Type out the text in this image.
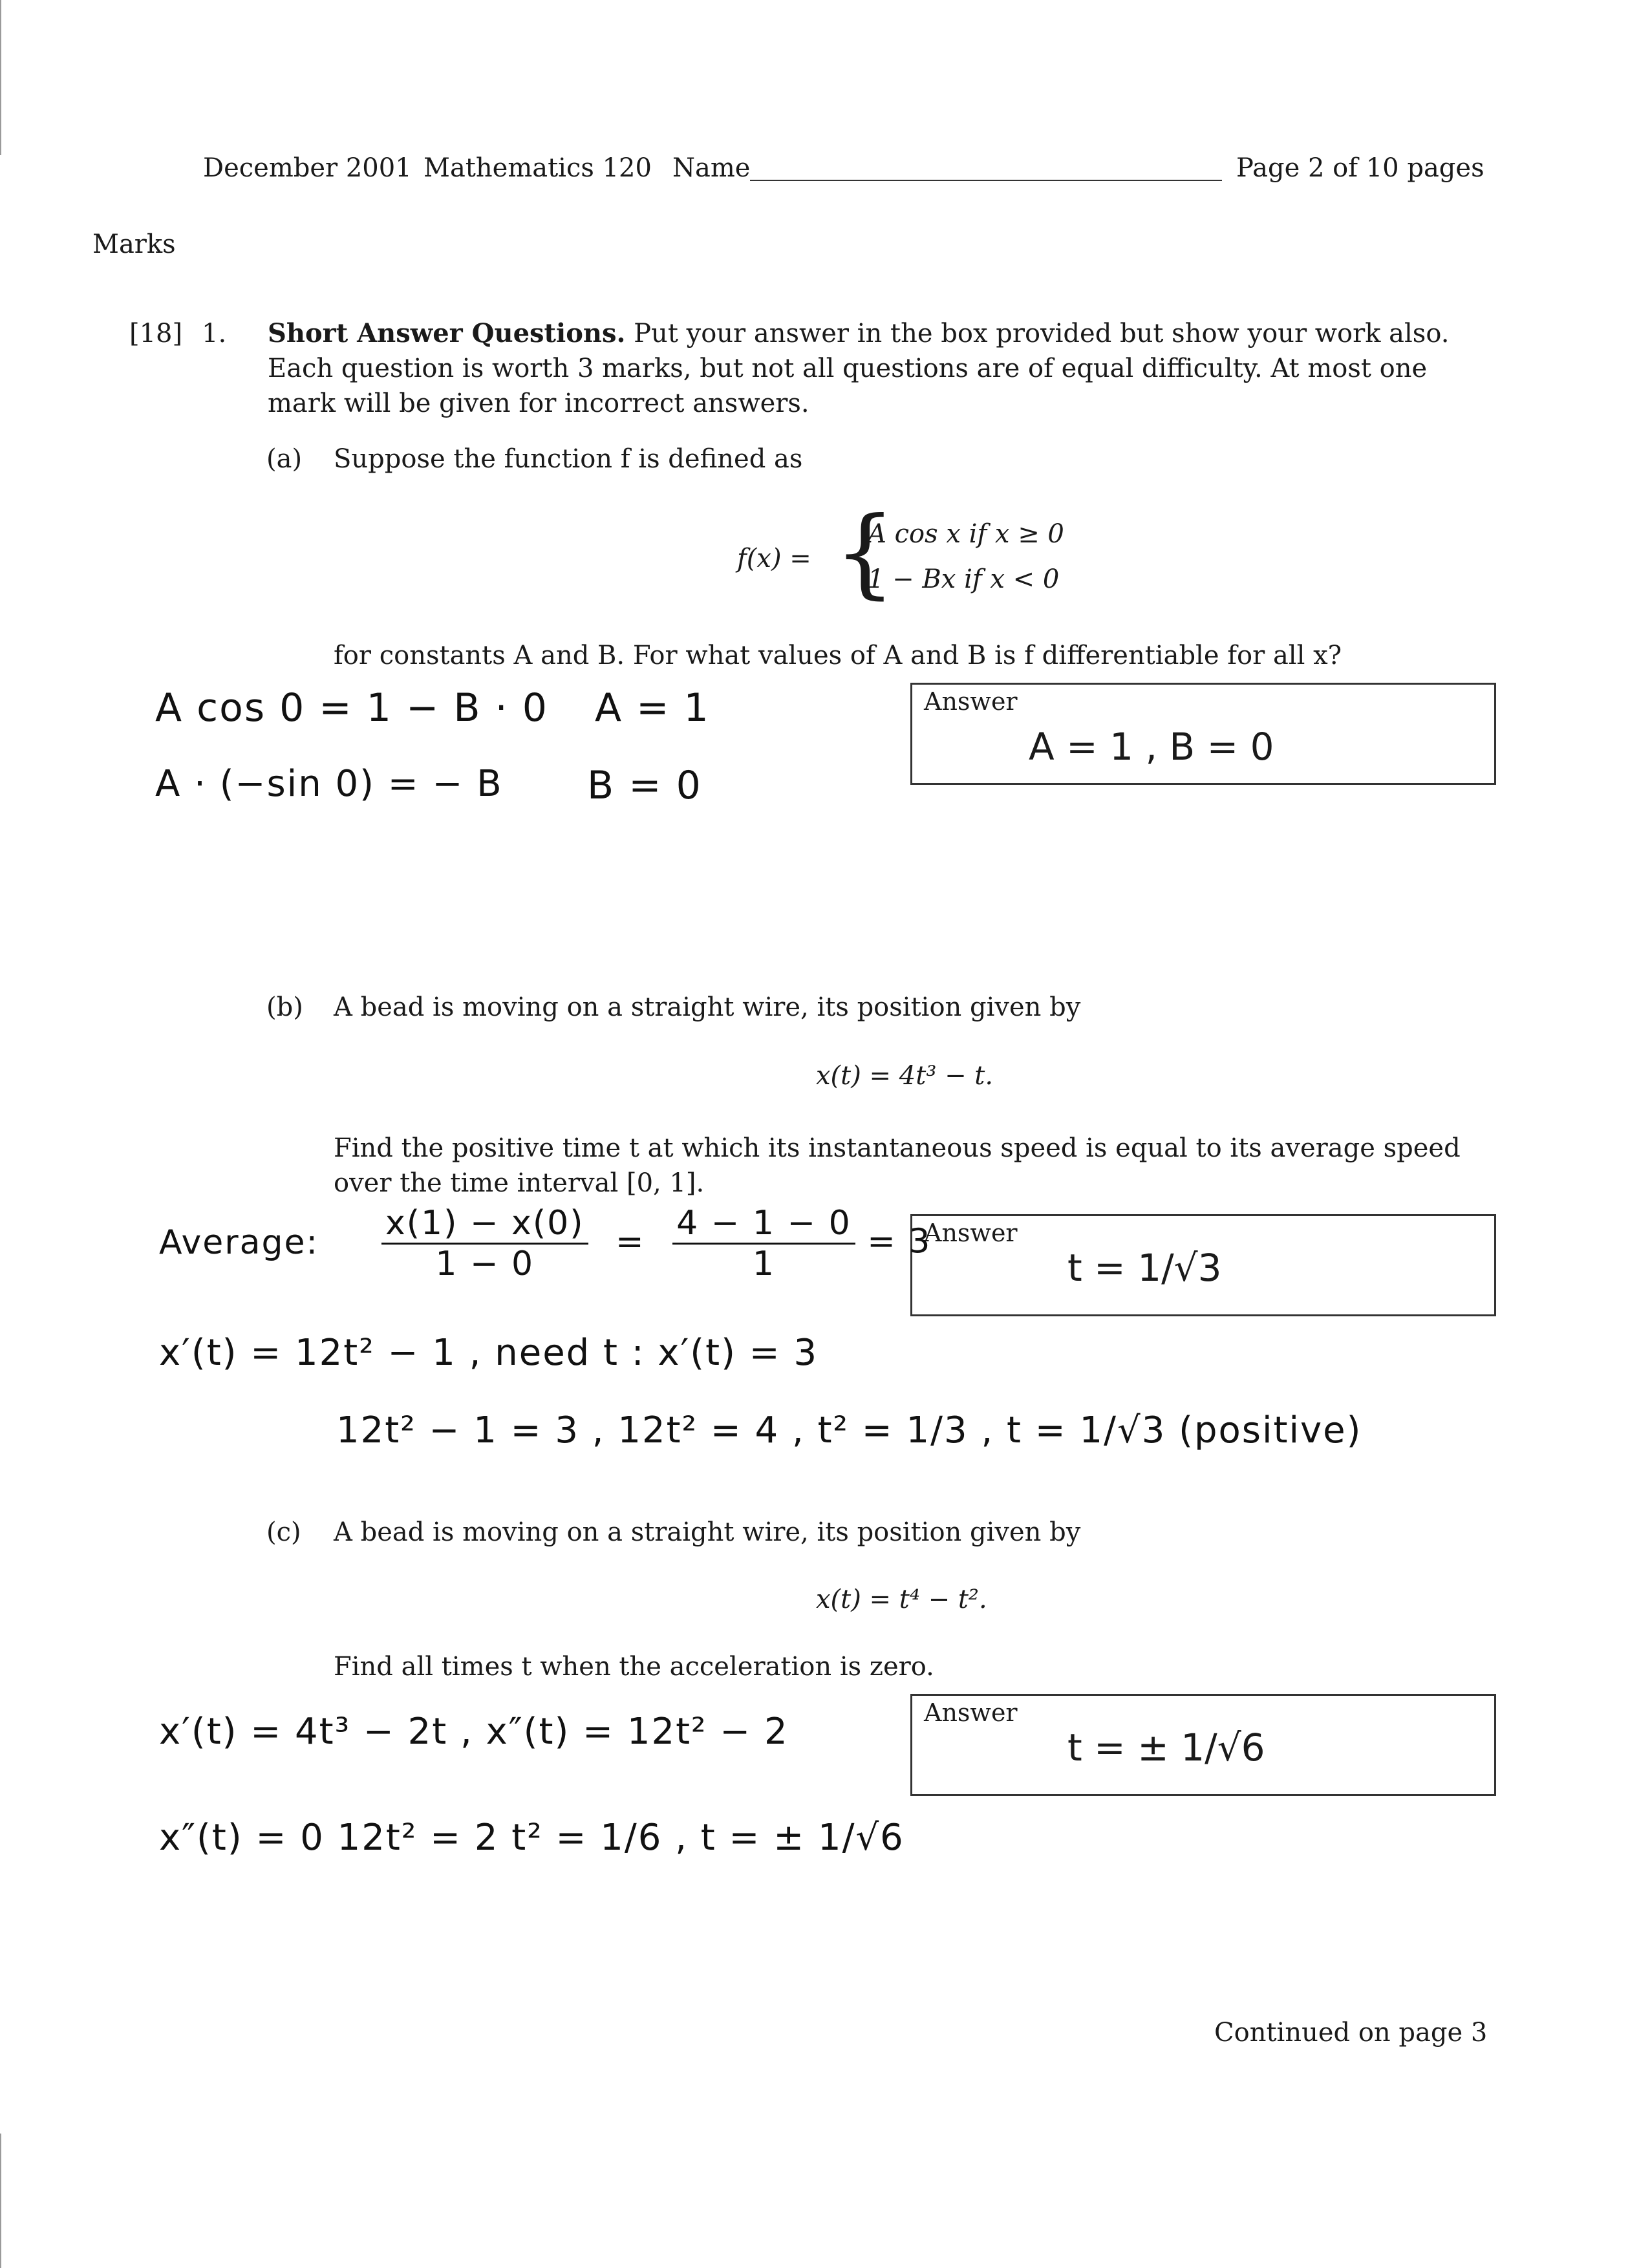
December 2001 Mathematics 120 Name	Page 2 of 10 pages
Marks
[18] 1. Short Answer Questions. Put your answer in the box provided but show your work also.
Each question is worth 3 marks, but not all questions are of equal difficulty. At most one
mark will be given for incorrect answers.
(a) Suppose the function f is defined as
f(x) = {
A cos x if x ≥ 0
1 − Bx if x < 0
for constants A and B. For what values of A and B is f differentiable for all x?
Answer
A = 1 , B = 0
A cos 0 = 1 − B · 0
A · (−sin 0) = − B
A = 1
B = 0
(b) A bead is moving on a straight wire, its position given by
x(t) = 4t³ − t.
Find the positive time t at which its instantaneous speed is equal to its average speed
over the time interval [0, 1].
Answer
t = 1/√3
Average: $\frac{x(1) - x(0)}{1 - 0} = \frac{4 - 1 - 0}{1} = 3$
x′(t) = 12t² − 1 , need t : x′(t) = 3
12t² − 1 = 3 , 12t² = 4 , t² = 1/3 , t = 1/√3 (positive)
(c) A bead is moving on a straight wire, its position given by
x(t) = t⁴ − t².
Find all times t when the acceleration is zero.
Answer
t = ± 1/√6
x′(t) = 4t³ − 2t , x″(t) = 12t² − 2
x″(t) = 0 12t² = 2 t² = 1/6 , t = ± 1/√6
Continued on page 3
